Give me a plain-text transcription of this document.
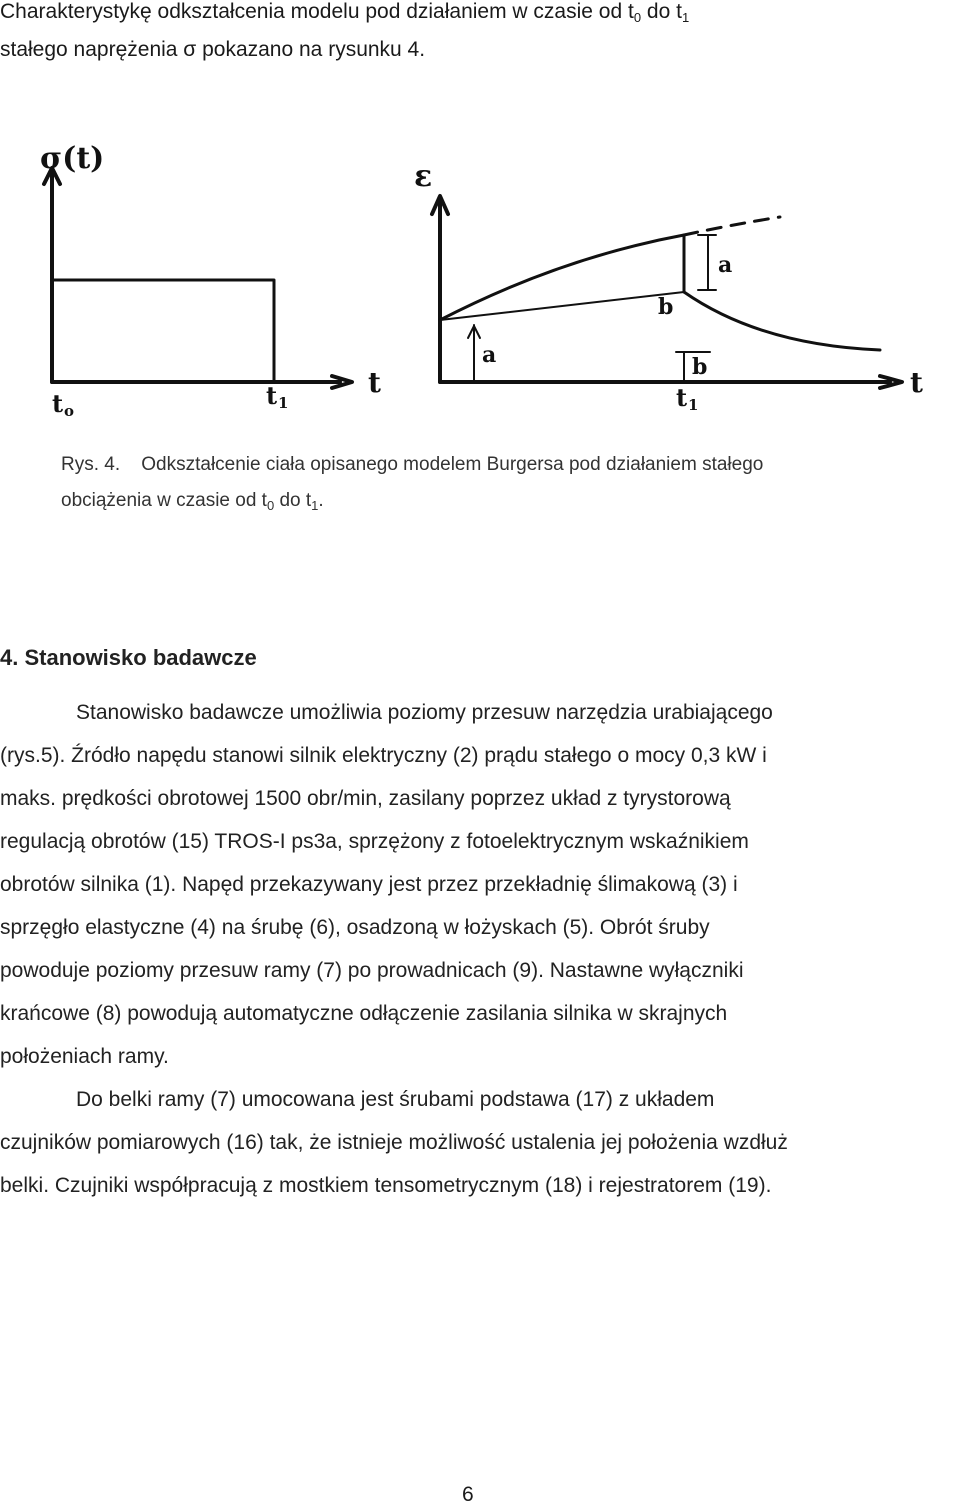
Charakterystykę odkształcenia modelu pod działaniem w czasie od $t_0$ do $t_1$
stałego naprężenia σ pokazano na rysunku 4.
σ(t)
t
t o
t 1
ε
t
a
b
a
b
t 1
Rys. 4. Odkształcenie ciała opisanego modelem Burgersa pod działaniem stałego
obciążenia w czasie od $t_0$ do $t_1$.
4. Stanowisko badawcze
Stanowisko badawcze umożliwia poziomy przesuw narzędzia urabiającego
(rys.5). Źródło napędu stanowi silnik elektryczny (2) prądu stałego o mocy 0,3 kW i
maks. prędkości obrotowej 1500 obr/min, zasilany poprzez układ z tyrystorową
regulacją obrotów (15) TROS-I ps3a, sprzężony z fotoelektrycznym wskaźnikiem
obrotów silnika (1). Napęd przekazywany jest przez przekładnię ślimakową (3) i
sprzęgło elastyczne (4) na śrubę (6), osadzoną w łożyskach (5). Obrót śruby
powoduje poziomy przesuw ramy (7) po prowadnicach (9). Nastawne wyłączniki
krańcowe (8) powodują automatyczne odłączenie zasilania silnika w skrajnych
położeniach ramy.
Do belki ramy (7) umocowana jest śrubami podstawa (17) z układem
czujników pomiarowych (16) tak, że istnieje możliwość ustalenia jej położenia wzdłuż
belki. Czujniki współpracują z mostkiem tensometrycznym (18) i rejestratorem (19).
6
